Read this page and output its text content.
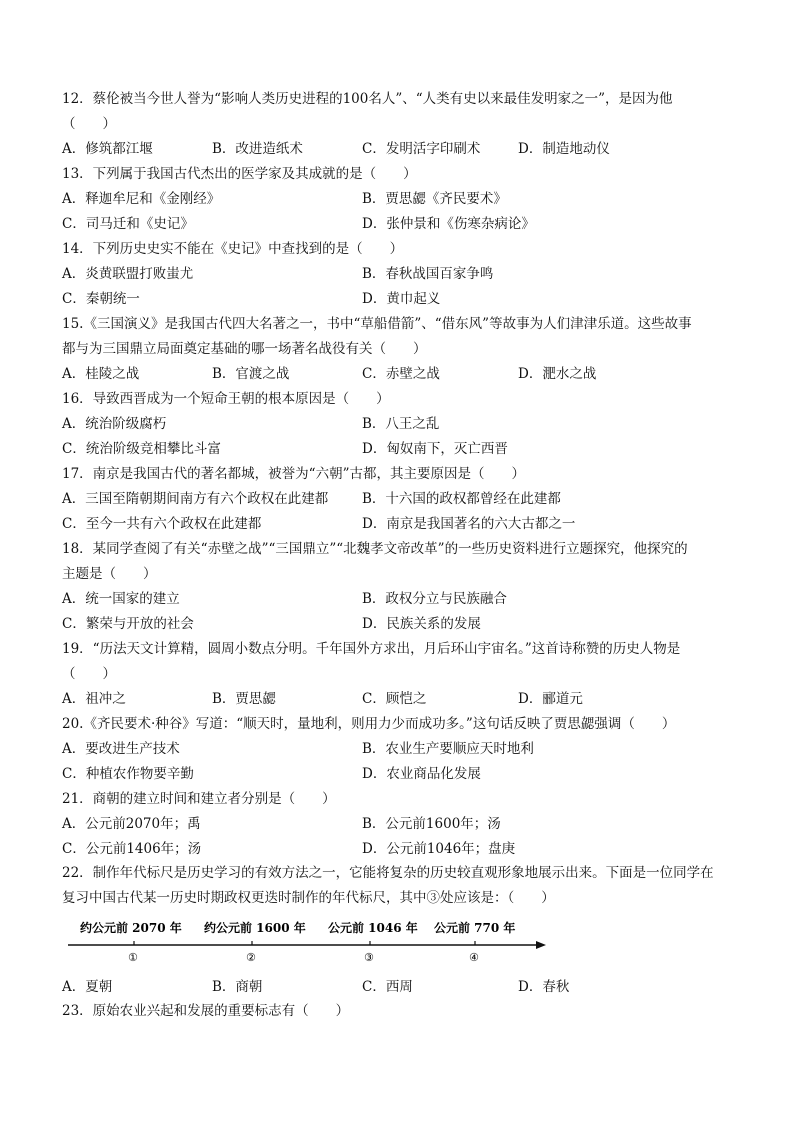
12．蔡伦被当今世人誉为“影响人类历史进程的100名人”、“人类有史以来最佳发明家之一”，是因为他
（　　）
A．修筑都江堰	B．改进造纸术	C．发明活字印刷术	D．制造地动仪
13．下列属于我国古代杰出的医学家及其成就的是（　　）
A．释迦牟尼和《金刚经》	B．贾思勰《齐民要术》
C．司马迁和《史记》	D．张仲景和《伤寒杂病论》
14．下列历史史实不能在《史记》中查找到的是（　　）
A．炎黄联盟打败蚩尤	B．春秋战国百家争鸣
C．秦朝统一	D．黄巾起义
15.《三国演义》是我国古代四大名著之一，书中“草船借箭”、“借东风”等故事为人们津津乐道。这些故事
都与为三国鼎立局面奠定基础的哪一场著名战役有关（　　）
A．桂陵之战	B．官渡之战	C．赤壁之战	D．淝水之战
16．导致西晋成为一个短命王朝的根本原因是（　　）
A．统治阶级腐朽	B．八王之乱
C．统治阶级竞相攀比斗富	D．匈奴南下，灭亡西晋
17．南京是我国古代的著名都城，被誉为“六朝”古都，其主要原因是（　　）
A．三国至隋朝期间南方有六个政权在此建都	B．十六国的政权都曾经在此建都
C．至今一共有六个政权在此建都	D．南京是我国著名的六大古都之一
18．某同学查阅了有关“赤壁之战”“三国鼎立”“北魏孝文帝改革”的一些历史资料进行立题探究，他探究的
主题是（　　）
A．统一国家的建立	B．政权分立与民族融合
C．繁荣与开放的社会	D．民族关系的发展
19．“历法天文计算精，圆周小数点分明。千年国外方求出，月后环山宇宙名。”这首诗称赞的历史人物是
（　　）
A．祖冲之	B．贾思勰	C．顾恺之	D．郦道元
20.《齐民要术·种谷》写道：“顺天时，量地利，则用力少而成功多。”这句话反映了贾思勰强调（　　）
A．要改进生产技术	B．农业生产要顺应天时地利
C．种植农作物要辛勤	D．农业商品化发展
21．商朝的建立时间和建立者分别是（　　）
A．公元前2070年；禹	B．公元前1600年；汤
C．公元前1406年；汤	D．公元前1046年；盘庚
22．制作年代标尺是历史学习的有效方法之一，它能将复杂的历史较直观形象地展示出来。下面是一位同学在
复习中国古代某一历史时期政权更迭时制作的年代标尺，其中③处应该是：（　　）
约公元前 2070 年 约公元前 1600 年 公元前 1046 年 公元前 770 年
①	②	③	④
A．夏朝	B．商朝	C．西周	D．春秋
23．原始农业兴起和发展的重要标志有（　　）
